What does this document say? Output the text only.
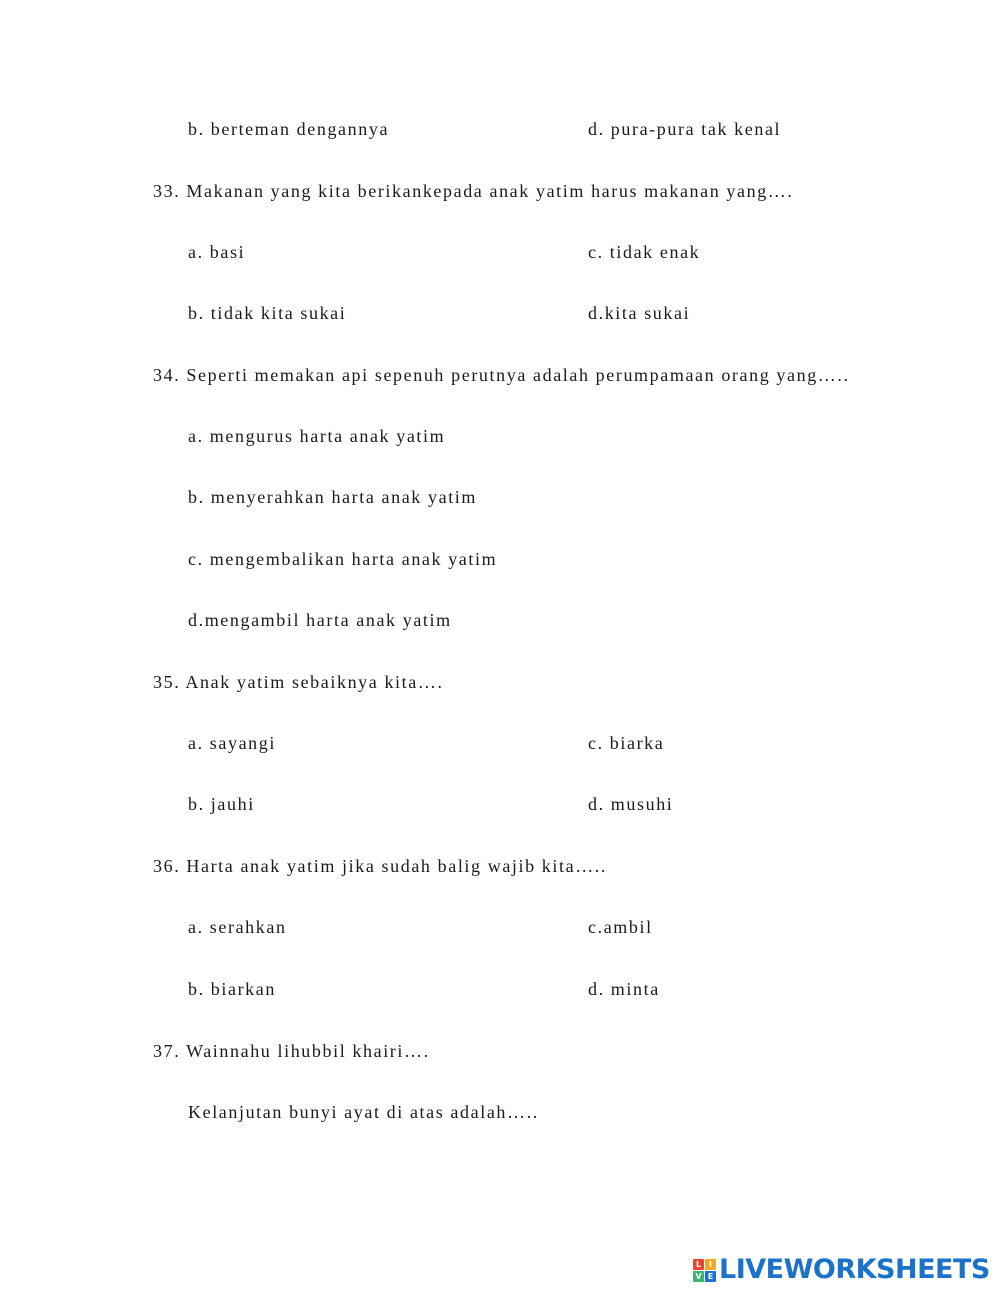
b. berteman dengannya	d. pura-pura tak kenal
33. Makanan yang kita berikankepada anak yatim harus makanan yang….
a. basi	c. tidak enak
b. tidak kita sukai	d.kita sukai
34. Seperti memakan api sepenuh perutnya adalah perumpamaan orang yang…..
a. mengurus harta anak yatim
b. menyerahkan harta anak yatim
c. mengembalikan harta anak yatim
d.mengambil harta anak yatim
35. Anak yatim sebaiknya kita….
a. sayangi	c. biarka
b. jauhi	d. musuhi
36. Harta anak yatim jika sudah balig wajib kita…..
a. serahkan	c.ambil
b. biarkan	d. minta
37. Wainnahu lihubbil khairi….
Kelanjutan bunyi ayat di atas adalah…..
L I
V E LIVEWORKSHEETS
